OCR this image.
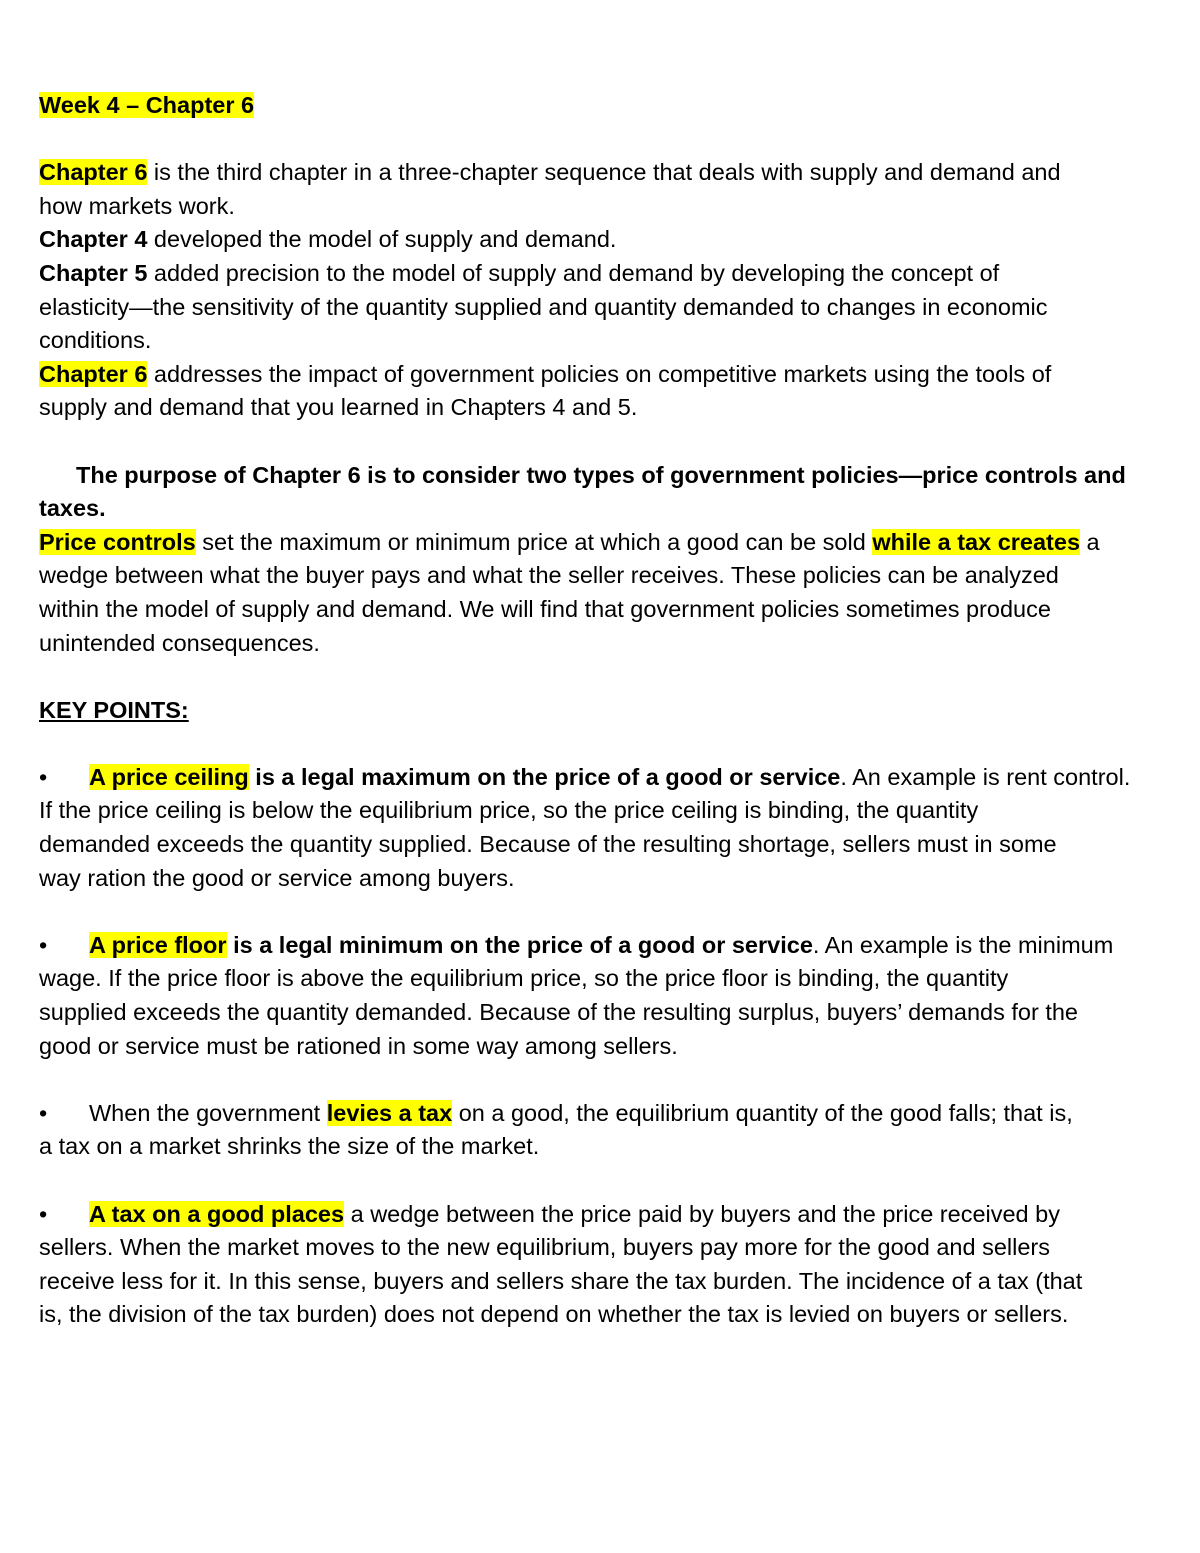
Week 4 – Chapter 6
Chapter 6 is the third chapter in a three-chapter sequence that deals with supply and demand and
how markets work.
Chapter 4 developed the model of supply and demand.
Chapter 5 added precision to the model of supply and demand by developing the concept of
elasticity—the sensitivity of the quantity supplied and quantity demanded to changes in economic
conditions.
Chapter 6 addresses the impact of government policies on competitive markets using the tools of
supply and demand that you learned in Chapters 4 and 5.
The purpose of Chapter 6 is to consider two types of government policies—price controls and
taxes.
Price controls set the maximum or minimum price at which a good can be sold while a tax creates a
wedge between what the buyer pays and what the seller receives. These policies can be analyzed
within the model of supply and demand. We will find that government policies sometimes produce
unintended consequences.
KEY POINTS:
• A price ceiling is a legal maximum on the price of a good or service. An example is rent control.
If the price ceiling is below the equilibrium price, so the price ceiling is binding, the quantity
demanded exceeds the quantity supplied. Because of the resulting shortage, sellers must in some
way ration the good or service among buyers.
• A price floor is a legal minimum on the price of a good or service. An example is the minimum
wage. If the price floor is above the equilibrium price, so the price floor is binding, the quantity
supplied exceeds the quantity demanded. Because of the resulting surplus, buyers’ demands for the
good or service must be rationed in some way among sellers.
• When the government levies a tax on a good, the equilibrium quantity of the good falls; that is,
a tax on a market shrinks the size of the market.
• A tax on a good places a wedge between the price paid by buyers and the price received by
sellers. When the market moves to the new equilibrium, buyers pay more for the good and sellers
receive less for it. In this sense, buyers and sellers share the tax burden. The incidence of a tax (that
is, the division of the tax burden) does not depend on whether the tax is levied on buyers or sellers.
